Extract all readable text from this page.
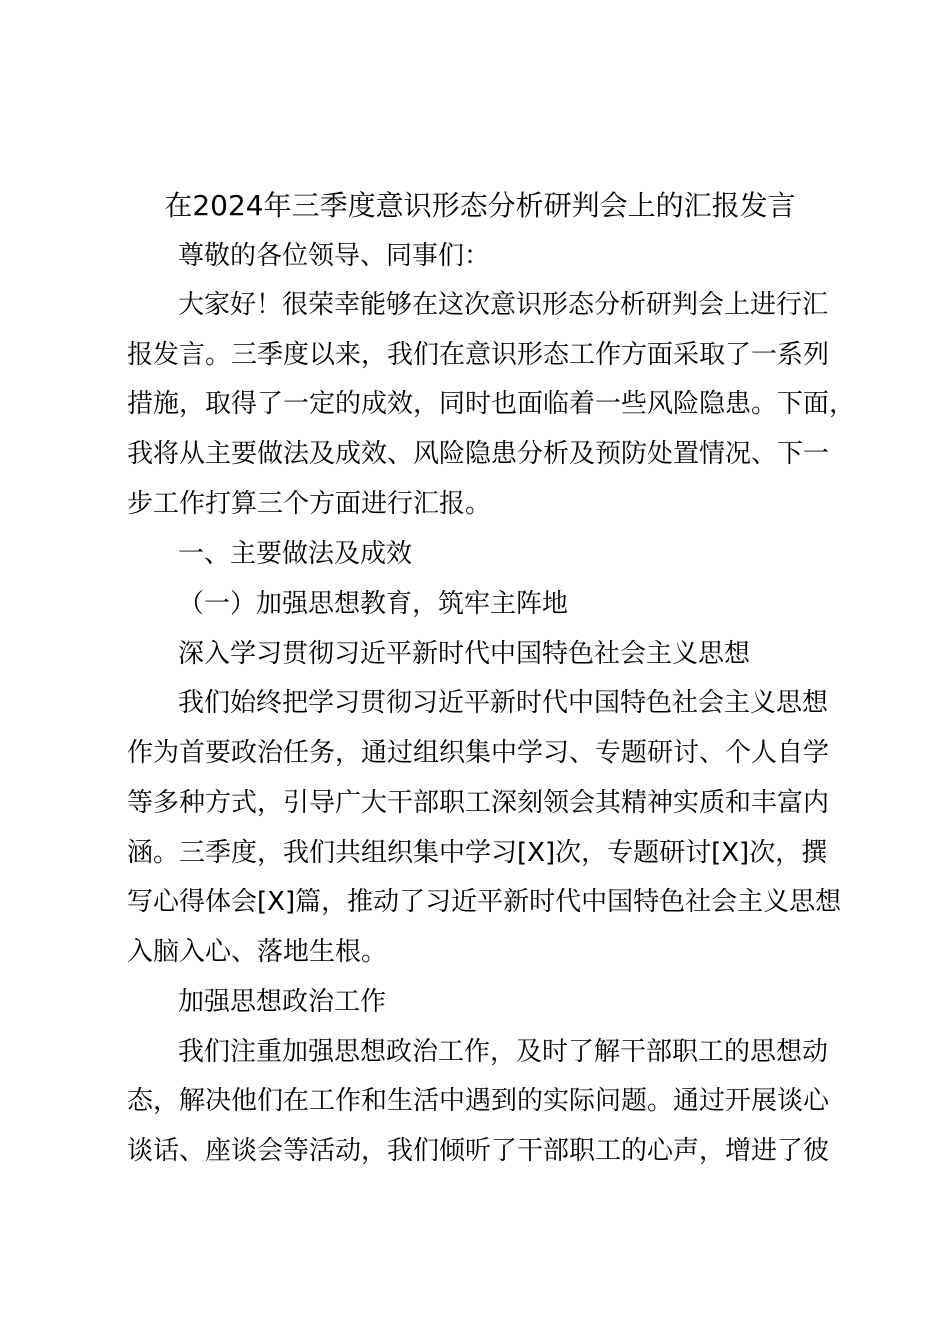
在2024年三季度意识形态分析研判会上的汇报发言

尊敬的各位领导、同事们：

大家好！很荣幸能够在这次意识形态分析研判会上进行汇

报发言。三季度以来，我们在意识形态工作方面采取了一系列

措施，取得了一定的成效，同时也面临着一些风险隐患。下面，

我将从主要做法及成效、风险隐患分析及预防处置情况、下一

步工作打算三个方面进行汇报。

一、主要做法及成效

（一）加强思想教育，筑牢主阵地

深入学习贯彻习近平新时代中国特色社会主义思想

我们始终把学习贯彻习近平新时代中国特色社会主义思想

作为首要政治任务，通过组织集中学习、专题研讨、个人自学

等多种方式，引导广大干部职工深刻领会其精神实质和丰富内

涵。三季度，我们共组织集中学习[X]次，专题研讨[X]次，撰

写心得体会[X]篇，推动了习近平新时代中国特色社会主义思想

入脑入心、落地生根。

加强思想政治工作

我们注重加强思想政治工作，及时了解干部职工的思想动

态，解决他们在工作和生活中遇到的实际问题。通过开展谈心

谈话、座谈会等活动，我们倾听了干部职工的心声，增进了彼
